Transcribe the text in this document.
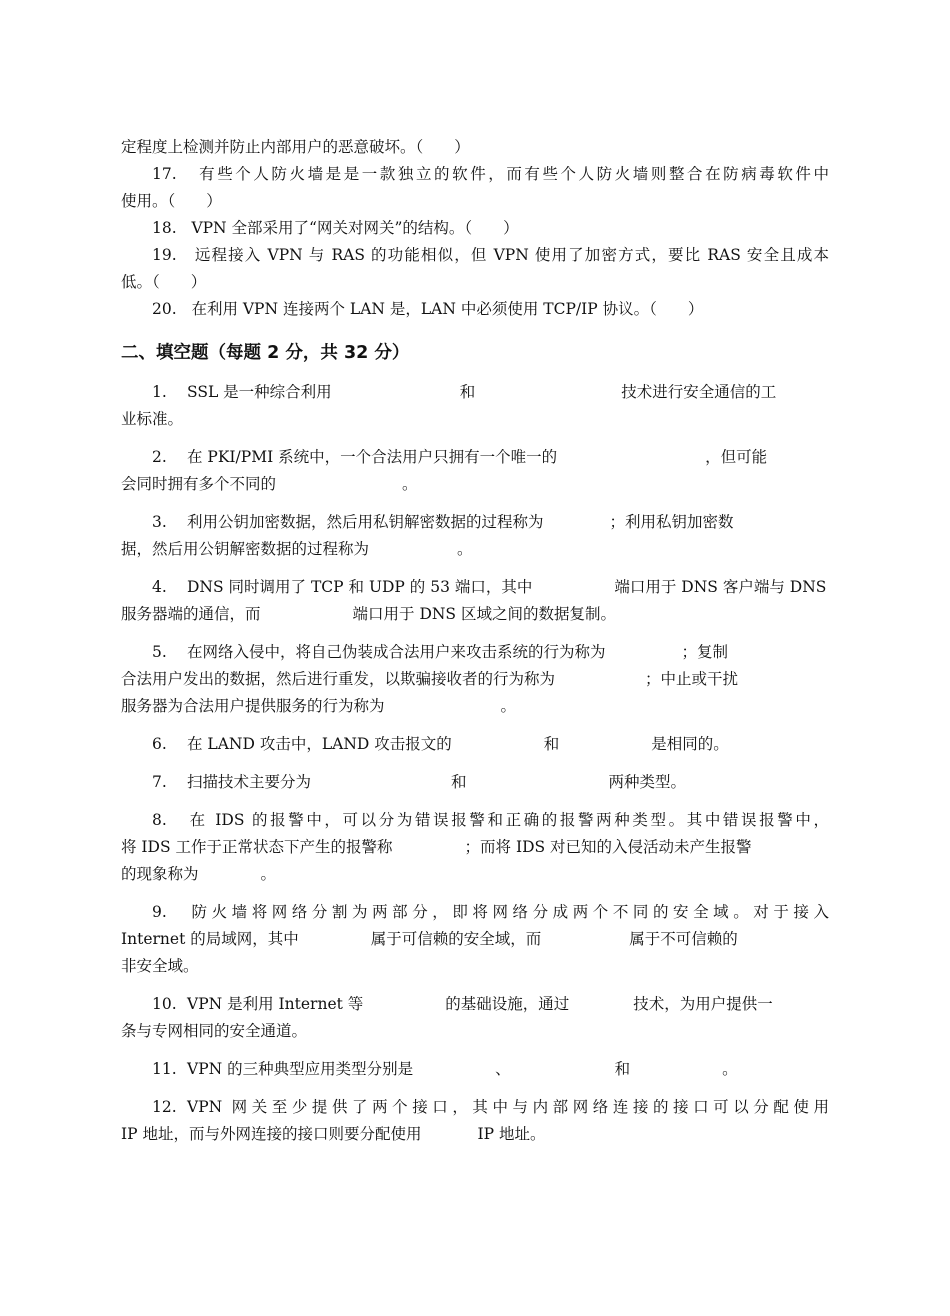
定程度上检测并防止内部用户的恶意破坏。（　　）
17. 有些个人防火墙是是一款独立的软件，而有些个人防火墙则整合在防病毒软件中
使用。（　　）
18. VPN 全部采用了“网关对网关”的结构。（　　）
19. 远程接入 VPN 与 RAS 的功能相似，但 VPN 使用了加密方式，要比 RAS 安全且成本
低。（　　）
20. 在利用 VPN 连接两个 LAN 是，LAN 中必须使用 TCP/IP 协议。（　　）
二、填空题（每题 2 分，共 32 分）
1. SSL 是一种综合利用	和	技术进行安全通信的工
业标准。
2. 在 PKI/PMI 系统中，一个合法用户只拥有一个唯一的	，但可能
会同时拥有多个不同的	。
3. 利用公钥加密数据，然后用私钥解密数据的过程称为	；利用私钥加密数
据，然后用公钥解密数据的过程称为	。
4. DNS 同时调用了 TCP 和 UDP 的 53 端口，其中	端口用于 DNS 客户端与 DNS
服务器端的通信，而	端口用于 DNS 区域之间的数据复制。
5. 在网络入侵中，将自己伪装成合法用户来攻击系统的行为称为	；复制
合法用户发出的数据，然后进行重发，以欺骗接收者的行为称为	；中止或干扰
服务器为合法用户提供服务的行为称为	。
6. 在 LAND 攻击中，LAND 攻击报文的	和	是相同的。
7. 扫描技术主要分为	和	两种类型。
8. 在 IDS 的报警中，可以分为错误报警和正确的报警两种类型。其中错误报警中，
将 IDS 工作于正常状态下产生的报警称	；而将 IDS 对已知的入侵活动未产生报警
的现象称为	。
9. 防火墙将网络分割为两部分，即将网络分成两个不同的安全域。对于接入
Internet 的局域网，其中	属于可信赖的安全域，而	属于不可信赖的
非安全域。
10. VPN 是利用 Internet 等	的基础设施，通过	技术，为用户提供一
条与专网相同的安全通道。
11. VPN 的三种典型应用类型分别是	、	和	。
12. VPN 网关至少提供了两个接口，其中与内部网络连接的接口可以分配使用
IP 地址，而与外网连接的接口则要分配使用	IP 地址。
